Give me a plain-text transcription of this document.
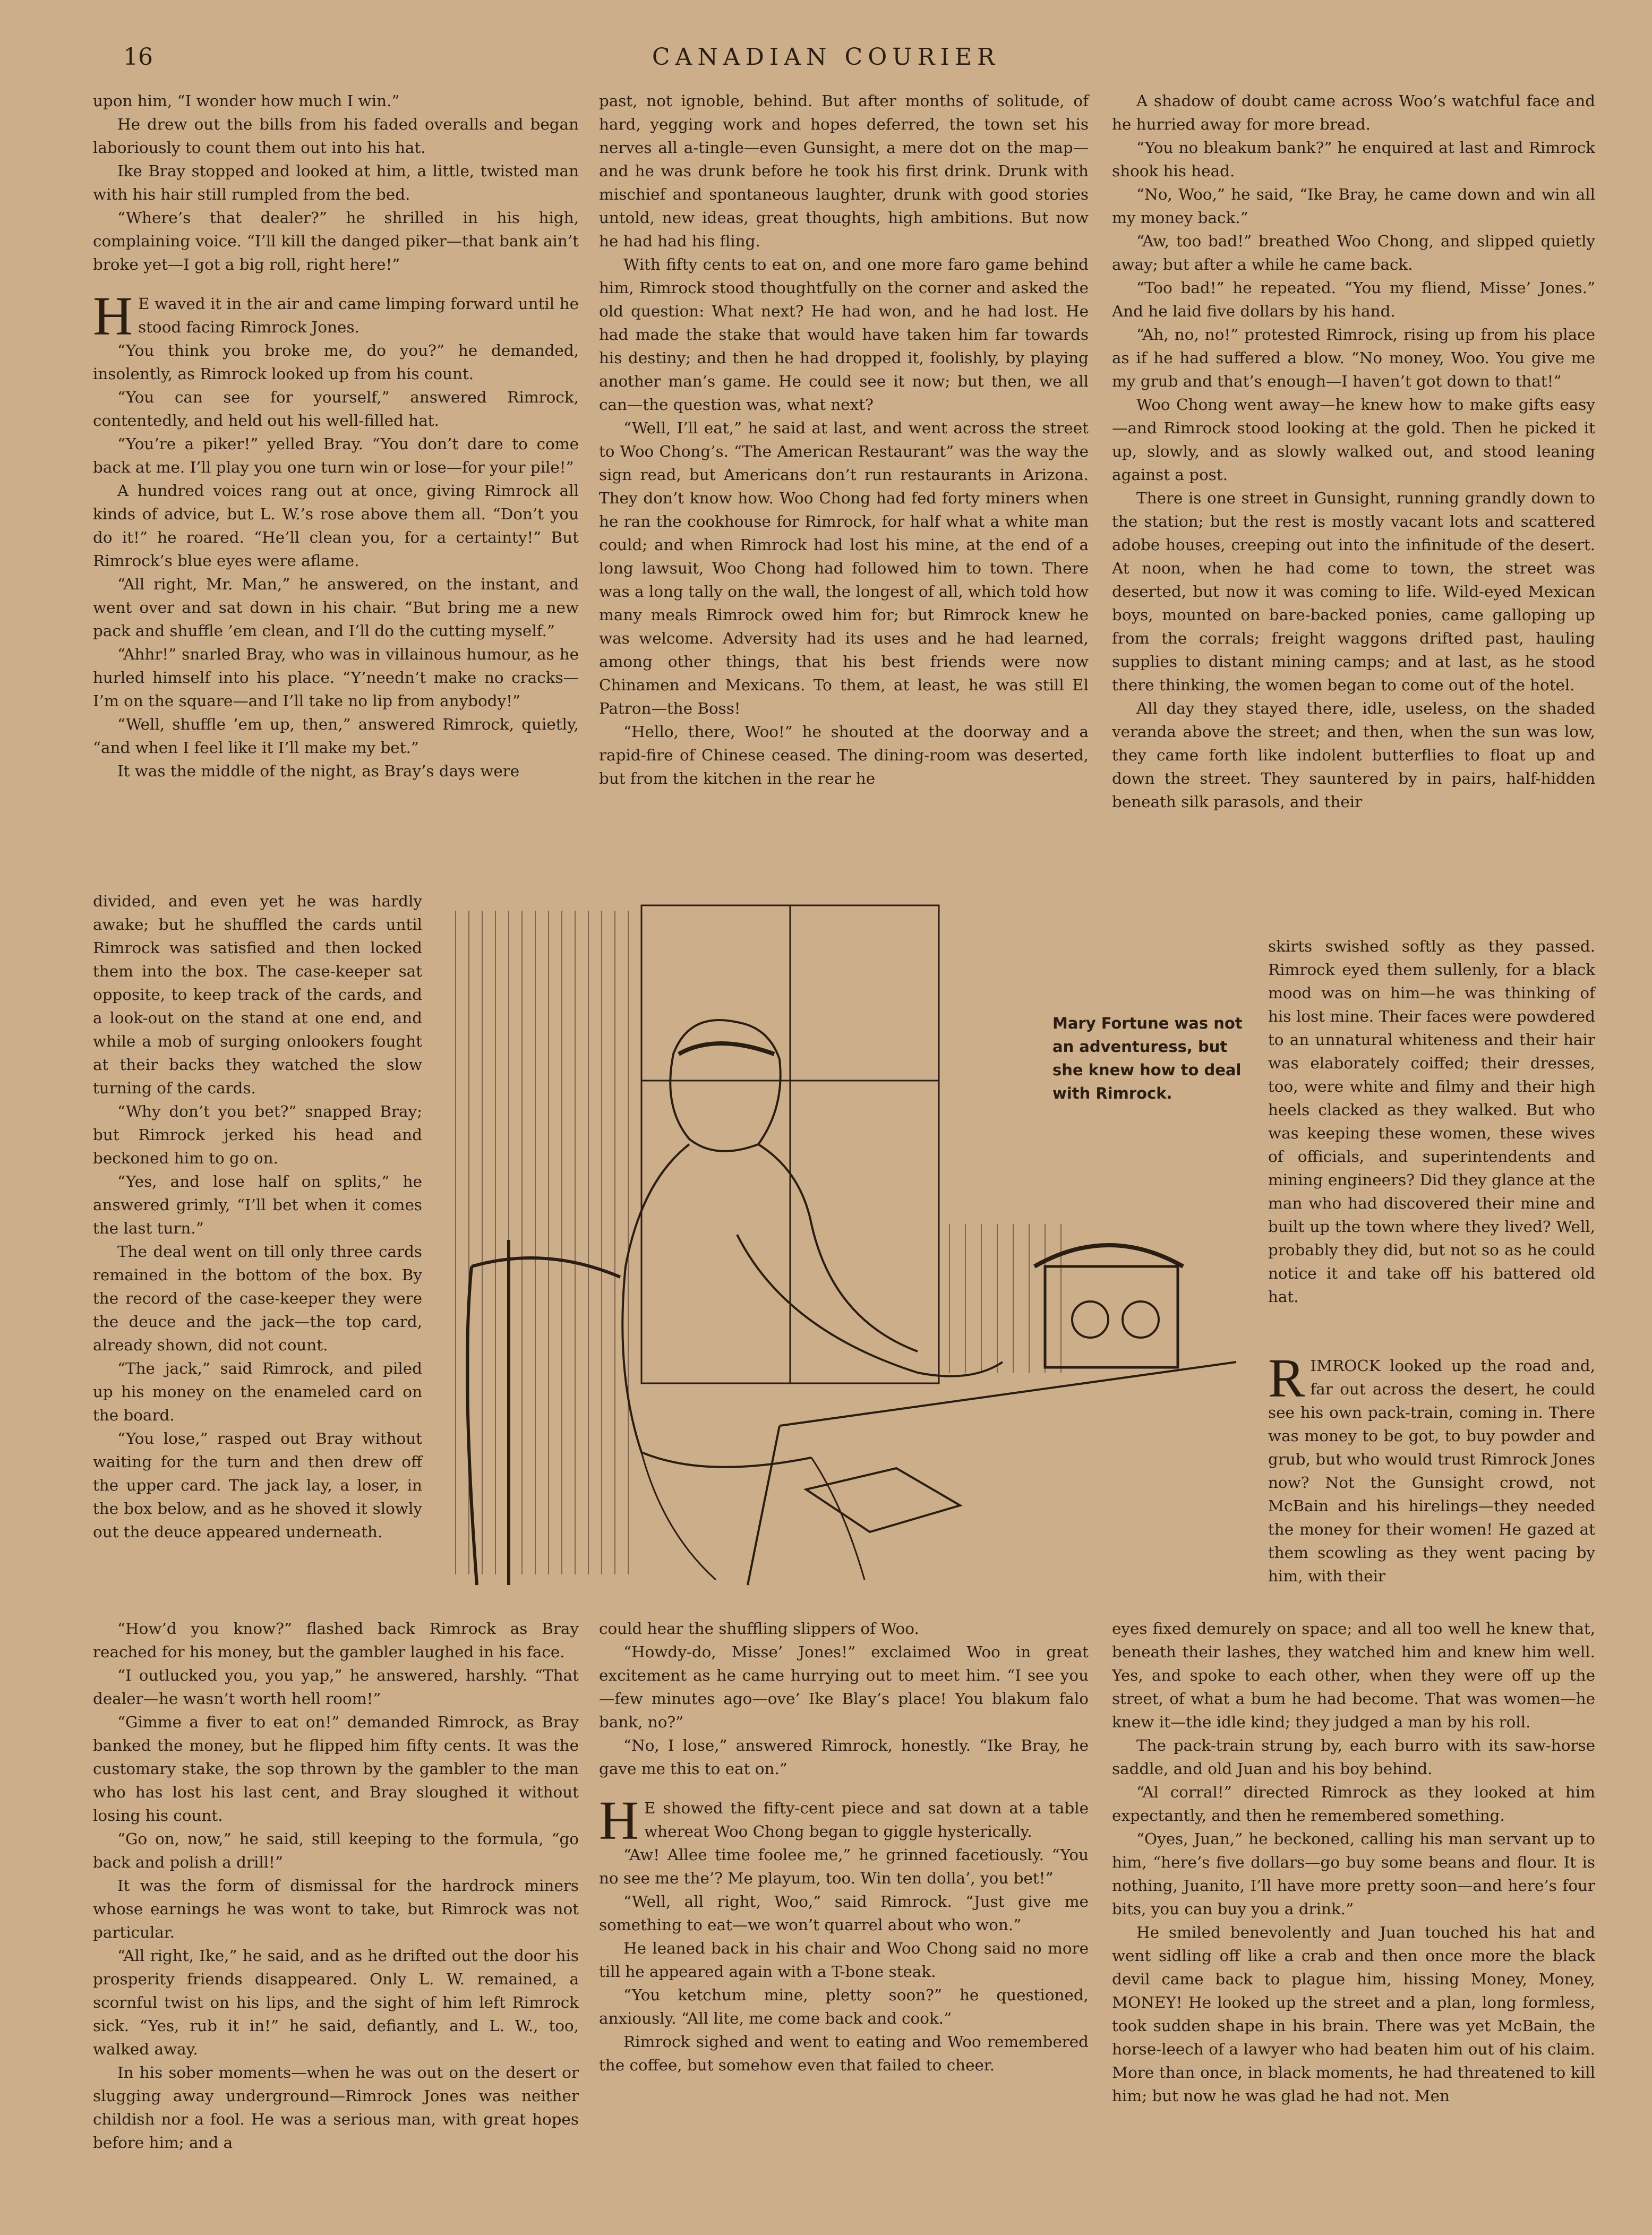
16	CANADIAN COURIER

upon him, “I wonder how much I win.”

He drew out the bills from his faded overalls and began laboriously to count them out into his hat.

Ike Bray stopped and looked at him, a little, twisted man with his hair still rumpled from the bed.

“Where’s that dealer?” he shrilled in his high, complaining voice. “I’ll kill the danged piker—that bank ain’t broke yet—I got a big roll, right here!”

H E waved it in the air and came limping forward until he stood facing Rimrock Jones.

“You think you broke me, do you?” he demanded, insolently, as Rimrock looked up from his count.

“You can see for yourself,” answered Rimrock, contentedly, and held out his well-filled hat.

“You’re a piker!” yelled Bray. “You don’t dare to come back at me. I’ll play you one turn win or lose—for your pile!”

A hundred voices rang out at once, giving Rimrock all kinds of advice, but L. W.’s rose above them all. “Don’t you do it!” he roared. “He’ll clean you, for a certainty!” But Rimrock’s blue eyes were aflame.

“All right, Mr. Man,” he answered, on the instant, and went over and sat down in his chair. “But bring me a new pack and shuffle ’em clean, and I’ll do the cutting myself.”

“Ahhr!” snarled Bray, who was in villainous humour, as he hurled himself into his place. “Y’needn’t make no cracks—I’m on the square—and I’ll take no lip from anybody!”

“Well, shuffle ’em up, then,” answered Rimrock, quietly, “and when I feel like it I’ll make my bet.”

It was the middle of the night, as Bray’s days were

divided, and even yet he was hardly awake; but he shuffled the cards until Rimrock was satisfied and then locked them into the box. The case-keeper sat opposite, to keep track of the cards, and a look-out on the stand at one end, and while a mob of surging onlookers fought at their backs they watched the slow turning of the cards.

“Why don’t you bet?” snapped Bray; but Rimrock jerked his head and beckoned him to go on.

“Yes, and lose half on splits,” he answered grimly, “I’ll bet when it comes the last turn.”

The deal went on till only three cards remained in the bottom of the box. By the record of the case-keeper they were the deuce and the jack—the top card, already shown, did not count.

“The jack,” said Rimrock, and piled up his money on the enameled card on the board.

“You lose,” rasped out Bray without waiting for the turn and then drew off the upper card. The jack lay, a loser, in the box below, and as he shoved it slowly out the deuce appeared underneath.

“How’d you know?” flashed back Rimrock as Bray reached for his money, but the gambler laughed in his face.

“I outlucked you, you yap,” he answered, harshly. “That dealer—he wasn’t worth hell room!”

“Gimme a fiver to eat on!” demanded Rimrock, as Bray banked the money, but he flipped him fifty cents. It was the customary stake, the sop thrown by the gambler to the man who has lost his last cent, and Bray sloughed it without losing his count.

“Go on, now,” he said, still keeping to the formula, “go back and polish a drill!”

It was the form of dismissal for the hardrock miners whose earnings he was wont to take, but Rimrock was not particular.

“All right, Ike,” he said, and as he drifted out the door his prosperity friends disappeared. Only L. W. remained, a scornful twist on his lips, and the sight of him left Rimrock sick. “Yes, rub it in!” he said, defiantly, and L. W., too, walked away.

In his sober moments—when he was out on the desert or slugging away underground—Rimrock Jones was neither childish nor a fool. He was a serious man, with great hopes before him; and a

past, not ignoble, behind. But after months of solitude, of hard, yegging work and hopes deferred, the town set his nerves all a-tingle—even Gunsight, a mere dot on the map—and he was drunk before he took his first drink. Drunk with mischief and spontaneous laughter, drunk with good stories untold, new ideas, great thoughts, high ambitions. But now he had had his fling.

With fifty cents to eat on, and one more faro game behind him, Rimrock stood thoughtfully on the corner and asked the old question: What next? He had won, and he had lost. He had made the stake that would have taken him far towards his destiny; and then he had dropped it, foolishly, by playing another man’s game. He could see it now; but then, we all can—the question was, what next?

“Well, I’ll eat,” he said at last, and went across the street to Woo Chong’s. “The American Restaurant” was the way the sign read, but Americans don’t run restaurants in Arizona. They don’t know how. Woo Chong had fed forty miners when he ran the cookhouse for Rimrock, for half what a white man could; and when Rimrock had lost his mine, at the end of a long lawsuit, Woo Chong had followed him to town. There was a long tally on the wall, the longest of all, which told how many meals Rimrock owed him for; but Rimrock knew he was welcome. Adversity had its uses and he had learned, among other things, that his best friends were now Chinamen and Mexicans. To them, at least, he was still El Patron—the Boss!

“Hello, there, Woo!” he shouted at the doorway and a rapid-fire of Chinese ceased. The dining-room was deserted, but from the kitchen in the rear he

could hear the shuffling slippers of Woo.

“Howdy-do, Misse’ Jones!” exclaimed Woo in great excitement as he came hurrying out to meet him. “I see you—few minutes ago—ove’ Ike Blay’s place! You blakum falo bank, no?”

“No, I lose,” answered Rimrock, honestly. “Ike Bray, he gave me this to eat on.”

H E showed the fifty-cent piece and sat down at a table whereat Woo Chong began to giggle hysterically.

“Aw! Allee time foolee me,” he grinned facetiously. “You no see me the’? Me playum, too. Win ten dolla’, you bet!”

“Well, all right, Woo,” said Rimrock. “Just give me something to eat—we won’t quarrel about who won.”

He leaned back in his chair and Woo Chong said no more till he appeared again with a T-bone steak.

“You ketchum mine, pletty soon?” he questioned, anxiously. “All lite, me come back and cook.”

Rimrock sighed and went to eating and Woo remembered the coffee, but somehow even that failed to cheer.

A shadow of doubt came across Woo’s watchful face and he hurried away for more bread.

“You no bleakum bank?” he enquired at last and Rimrock shook his head.

“No, Woo,” he said, “Ike Bray, he came down and win all my money back.”

“Aw, too bad!” breathed Woo Chong, and slipped quietly away; but after a while he came back.

“Too bad!” he repeated. “You my fliend, Misse’ Jones.” And he laid five dollars by his hand.

“Ah, no, no!” protested Rimrock, rising up from his place as if he had suffered a blow. “No money, Woo. You give me my grub and that’s enough—I haven’t got down to that!”

Woo Chong went away—he knew how to make gifts easy—and Rimrock stood looking at the gold. Then he picked it up, slowly, and as slowly walked out, and stood leaning against a post.

There is one street in Gunsight, running grandly down to the station; but the rest is mostly vacant lots and scattered adobe houses, creeping out into the infinitude of the desert. At noon, when he had come to town, the street was deserted, but now it was coming to life. Wild-eyed Mexican boys, mounted on bare-backed ponies, came galloping up from the corrals; freight waggons drifted past, hauling supplies to distant mining camps; and at last, as he stood there thinking, the women began to come out of the hotel.

All day they stayed there, idle, useless, on the shaded veranda above the street; and then, when the sun was low, they came forth like indolent butterflies to float up and down the street. They sauntered by in pairs, half-hidden beneath silk parasols, and their

skirts swished softly as they passed. Rimrock eyed them sullenly, for a black mood was on him—he was thinking of his lost mine. Their faces were powdered to an unnatural whiteness and their hair was elaborately coiffed; their dresses, too, were white and filmy and their high heels clacked as they walked. But who was keeping these women, these wives of officials, and superintendents and mining engineers? Did they glance at the man who had discovered their mine and built up the town where they lived? Well, probably they did, but not so as he could notice it and take off his battered old hat.

RIMROCK looked up the road and, far out across the desert, he could see his own pack-train, coming in. There was money to be got, to buy powder and grub, but who would trust Rimrock Jones now? Not the Gunsight crowd, not McBain and his hirelings—they needed the money for their women! He gazed at them scowling as they went pacing by him, with their

eyes fixed demurely on space; and all too well he knew that, beneath their lashes, they watched him and knew him well. Yes, and spoke to each other, when they were off up the street, of what a bum he had become. That was women—he knew it—the idle kind; they judged a man by his roll.

The pack-train strung by, each burro with its saw-horse saddle, and old Juan and his boy behind.

“Al corral!” directed Rimrock as they looked at him expectantly, and then he remembered something.

“Oyes, Juan,” he beckoned, calling his man servant up to him, “here’s five dollars—go buy some beans and flour. It is nothing, Juanito, I’ll have more pretty soon—and here’s four bits, you can buy you a drink.”

He smiled benevolently and Juan touched his hat and went sidling off like a crab and then once more the black devil came back to plague him, hissing Money, Money, MONEY! He looked up the street and a plan, long formless, took sudden shape in his brain. There was yet McBain, the horse-leech of a lawyer who had beaten him out of his claim. More than once, in black moments, he had threatened to kill him; but now he was glad he had not. Men

Mary Fortune was not an adventuress, but she knew how to deal with Rimrock.
